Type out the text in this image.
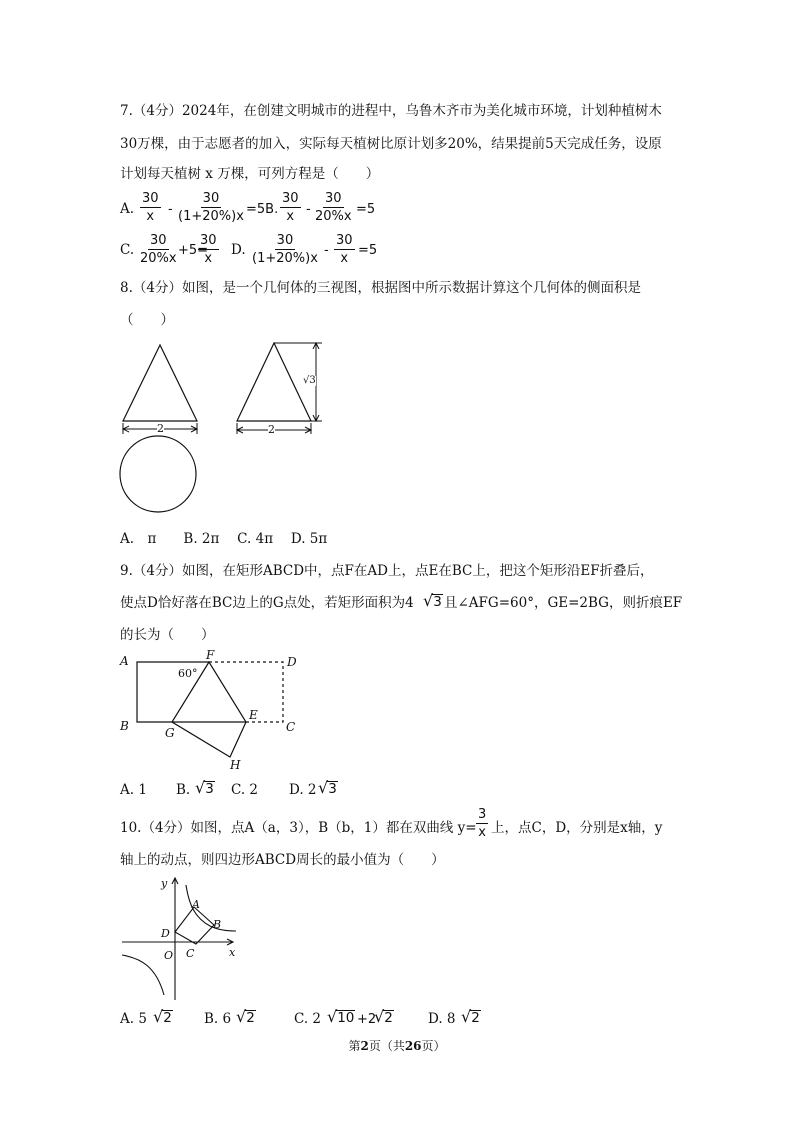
7.（4分）2024年，在创建文明城市的进程中，乌鲁木齐市为美化城市环境，计划种植树木
30万棵，由于志愿者的加入，实际每天植树比原计划多20%，结果提前5天完成任务，设原
计划每天植树 x 万棵，可列方程是（　　）
A. $\frac{30}{x} - \frac{30}{(1+20\%)x} =5B$. $\frac{30}{x} - \frac{30}{20\%x} =5$
C. $\frac{30}{20\%x} +5=$
$\frac{30}{x} D$. $\frac{30}{(1+20\%)x} - \frac{30}{x} =5$
8.（4分）如图，是一个几何体的三视图，根据图中所示数据计算这个几何体的侧面积是
（　　）
2	2
√3
A.　π　　B. 2π　 C. 4π　 D. 5π
9.（4分）如图，在矩形ABCD中，点F在AD上，点E在BC上，把这个矩形沿EF折叠后，
使点D恰好落在BC边上的G点处，若矩形面积为4 √ 3 且∠AFG=60°，GE=2BG，则折痕EF
的长为（　　）
A	F	D
B	G
E
C
H
60°
A. 1 B. √ 3 C. 2 D. 2 √ 3
10.（4分）如图，点A（a，3），B（b，1）都在双曲线 $y= \frac{3}{x}$ 上，点C，D，分别是x轴，y
轴上的动点，则四边形ABCD周长的最小值为（　　）
y
x
O
A
B
C
D
A. 5 √ 2 B. 6 √ 2	C. 2 √ 10 +2
√ 2	D. 8 √ 2
第2页（共26页）
